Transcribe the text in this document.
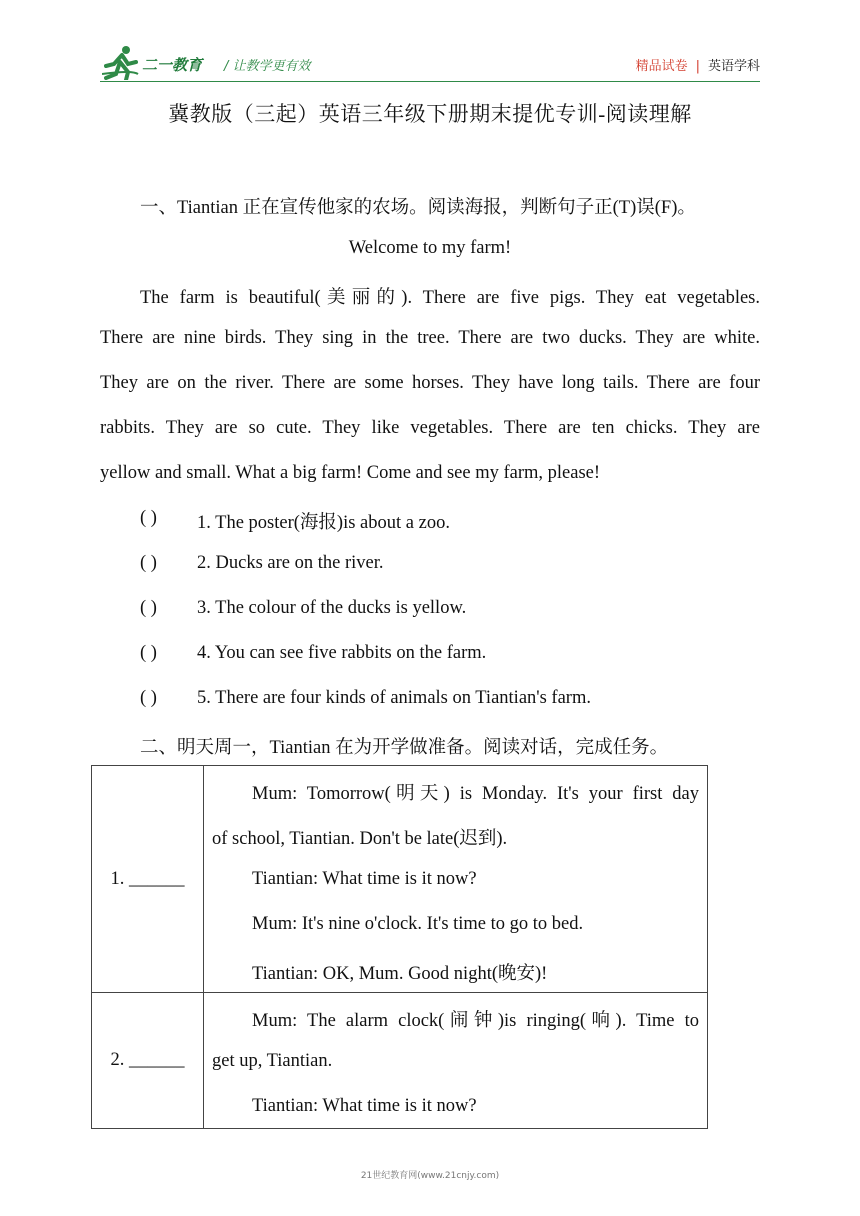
二一教育 / 让教学更有效	精品试卷 | 英语学科
冀教版（三起）英语三年级下册期末提优专训-阅读理解
一、Tiantian 正在宣传他家的农场。阅读海报，判断句子正(T)误(F)。
Welcome to my farm!
The farm is beautiful(美丽的). There are five pigs. They eat vegetables.
There are nine birds. They sing in the tree. There are two ducks. They are white.
They are on the river. There are some horses. They have long tails. There are four
rabbits. They are so cute. They like vegetables. There are ten chicks. They are
yellow and small. What a big farm! Come and see my farm, please!
( ) 1. The poster(海报)is about a zoo.
( ) 2. Ducks are on the river.
( ) 3. The colour of the ducks is yellow.
( ) 4. You can see five rabbits on the farm.
( ) 5. There are four kinds of animals on Tiantian's farm.
二、明天周一，Tiantian 在为开学做准备。阅读对话，完成任务。
1. ______	Mum: Tomorrow(明天) is Monday. It's your first day
of school, Tiantian. Don't be late(迟到).
Tiantian: What time is it now?
Mum: It's nine o'clock. It's time to go to bed.
Tiantian: OK, Mum. Good night(晚安)!

2. ______	Mum: The alarm clock(闹钟)is ringing(响). Time to
get up, Tiantian.
Tiantian: What time is it now?
21世纪教育网(www.21cnjy.com)
